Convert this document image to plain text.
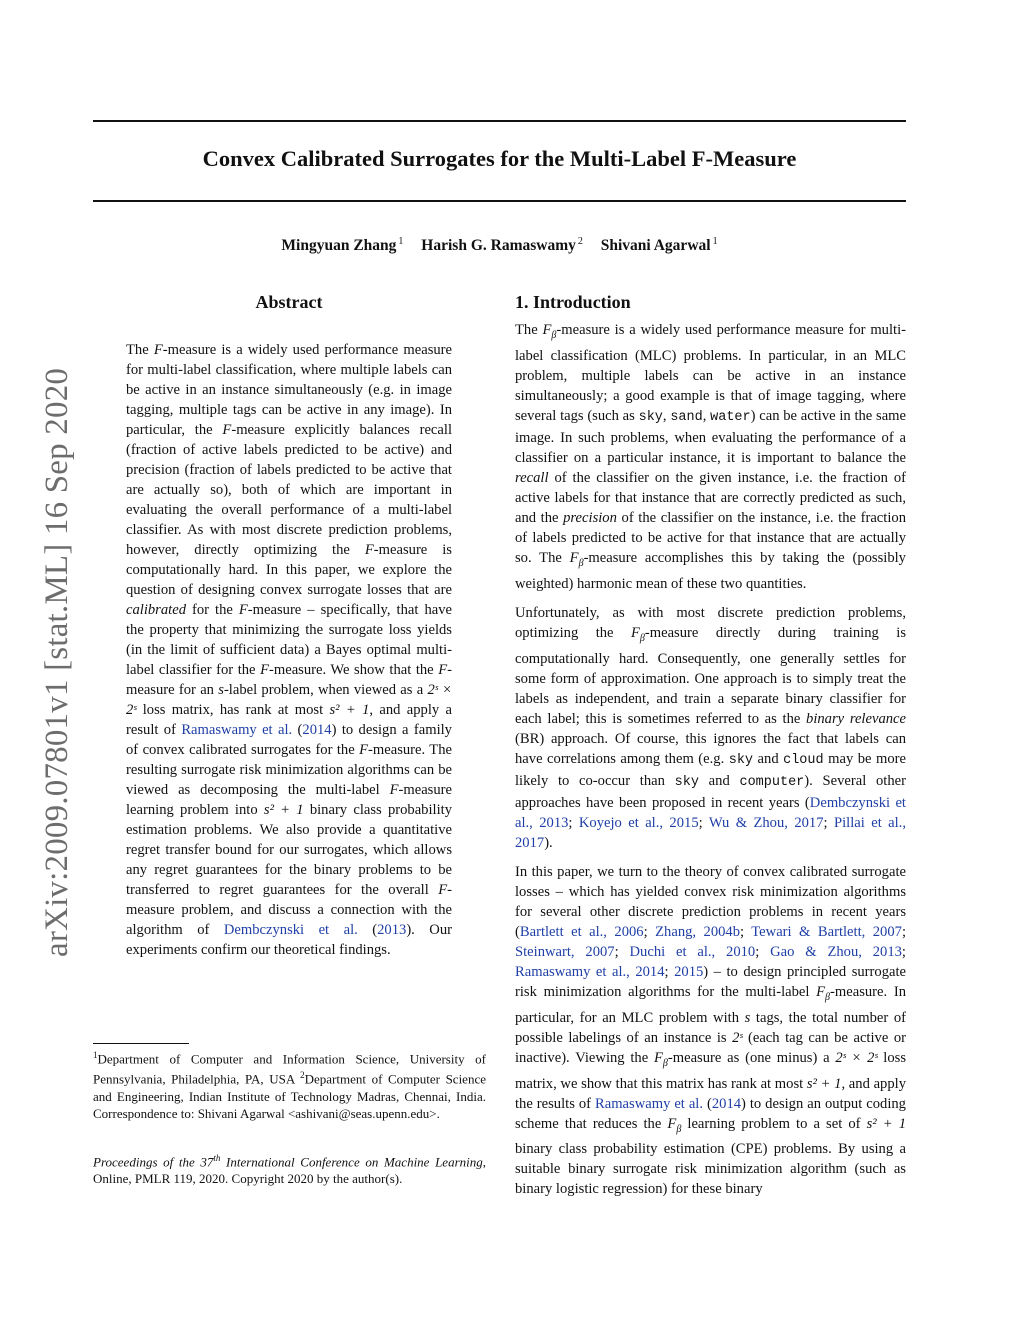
Convex Calibrated Surrogates for the Multi-Label F-Measure
Mingyuan Zhang $^1$ Harish G. Ramaswamy $^2$ Shivani Agarwal $^1$
arXiv:2009.07801v1 [stat.ML] 16 Sep 2020
Abstract

The F-measure is a widely used performance measure for multi-label classification, where multiple labels can be active in an instance simultaneously (e.g. in image tagging, multiple tags can be active in any image). In particular, the F-measure explicitly balances recall (fraction of active labels predicted to be active) and precision (fraction of labels predicted to be active that are actually so), both of which are important in evaluating the overall performance of a multi-label classifier. As with most discrete prediction problems, however, directly optimizing the F-measure is computationally hard. In this paper, we explore the question of designing convex surrogate losses that are calibrated for the F-measure – specifically, that have the property that minimizing the surrogate loss yields (in the limit of sufficient data) a Bayes optimal multi-label classifier for the F-measure. We show that the F-measure for an s-label problem, when viewed as a 2ˢ × 2ˢ loss matrix, has rank at most s² + 1, and apply a result of Ramaswamy et al. (2014) to design a family of convex calibrated surrogates for the F-measure. The resulting surrogate risk minimization algorithms can be viewed as decomposing the multi-label F-measure learning problem into s² + 1 binary class probability estimation problems. We also provide a quantitative regret transfer bound for our surrogates, which allows any regret guarantees for the binary problems to be transferred to regret guarantees for the overall F-measure problem, and discuss a connection with the algorithm of Dembczynski et al. (2013). Our experiments confirm our theoretical findings.

1. Introduction

The $F_\beta$-measure is a widely used performance measure for multi-label classification (MLC) problems. In particular, in an MLC problem, multiple labels can be active in an instance simultaneously; a good example is that of image tagging, where several tags (such as sky, sand, water) can be active in the same image. In such problems, when evaluating the performance of a classifier on a particular instance, it is important to balance the recall of the classifier on the given instance, i.e. the fraction of active labels for that instance that are correctly predicted as such, and the precision of the classifier on the instance, i.e. the fraction of labels predicted to be active for that instance that are actually so. The $F_\beta$-measure accomplishes this by taking the (possibly weighted) harmonic mean of these two quantities.

Unfortunately, as with most discrete prediction problems, optimizing the $F_\beta$-measure directly during training is computationally hard. Consequently, one generally settles for some form of approximation. One approach is to simply treat the labels as independent, and train a separate binary classifier for each label; this is sometimes referred to as the binary relevance (BR) approach. Of course, this ignores the fact that labels can have correlations among them (e.g. sky and cloud may be more likely to co-occur than sky and computer). Several other approaches have been proposed in recent years (Dembczynski et al., 2013; Koyejo et al., 2015; Wu & Zhou, 2017; Pillai et al., 2017).

In this paper, we turn to the theory of convex calibrated surrogate losses – which has yielded convex risk minimization algorithms for several other discrete prediction problems in recent years (Bartlett et al., 2006; Zhang, 2004b; Tewari & Bartlett, 2007; Steinwart, 2007; Duchi et al., 2010; Gao & Zhou, 2013; Ramaswamy et al., 2014; 2015) – to design principled surrogate risk minimization algorithms for the multi-label $F_\beta$-measure. In particular, for an MLC problem with s tags, the total number of possible labelings of an instance is 2ˢ (each tag can be active or inactive). Viewing the $F_\beta$-measure as (one minus) a 2ˢ × 2ˢ loss matrix, we show that this matrix has rank at most s² + 1, and apply the results of Ramaswamy et al. (2014) to design an output coding scheme that reduces the $F_\beta$ learning problem to a set of s² + 1 binary class probability estimation (CPE) problems. By using a suitable binary surrogate risk minimization algorithm (such as binary logistic regression) for these binary

$^1$Department of Computer and Information Science, University of Pennsylvania, Philadelphia, PA, USA $^2$Department of Computer Science and Engineering, Indian Institute of Technology Madras, Chennai, India. Correspondence to: Shivani Agarwal <ashivani@seas.upenn.edu>.

Proceedings of the 37th International Conference on Machine Learning, Online, PMLR 119, 2020. Copyright 2020 by the author(s).
